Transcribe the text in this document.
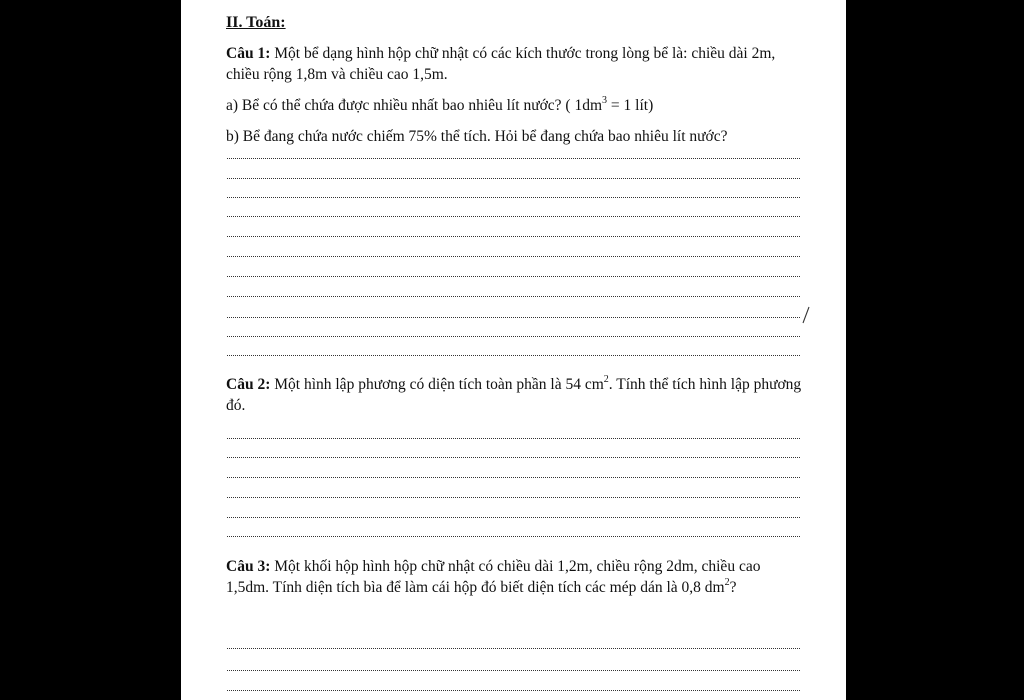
II. Toán:
Câu 1: Một bể dạng hình hộp chữ nhật có các kích thước trong lòng bể là: chiều dài 2m, chiều rộng 1,8m và chiều cao 1,5m.
a) Bể có thể chứa được nhiều nhất bao nhiêu lít nước? ( $1dm^3 = 1$ lít)
b) Bể đang chứa nước chiếm 75% thể tích. Hỏi bể đang chứa bao nhiêu lít nước?
Câu 2: Một hình lập phương có diện tích toàn phần là 54 $cm^2$. Tính thể tích hình lập phương đó.
Câu 3: Một khối hộp hình hộp chữ nhật có chiều dài 1,2m, chiều rộng 2dm, chiều cao 1,5dm. Tính diện tích bìa để làm cái hộp đó biết diện tích các mép dán là 0,8 $dm^2$?
